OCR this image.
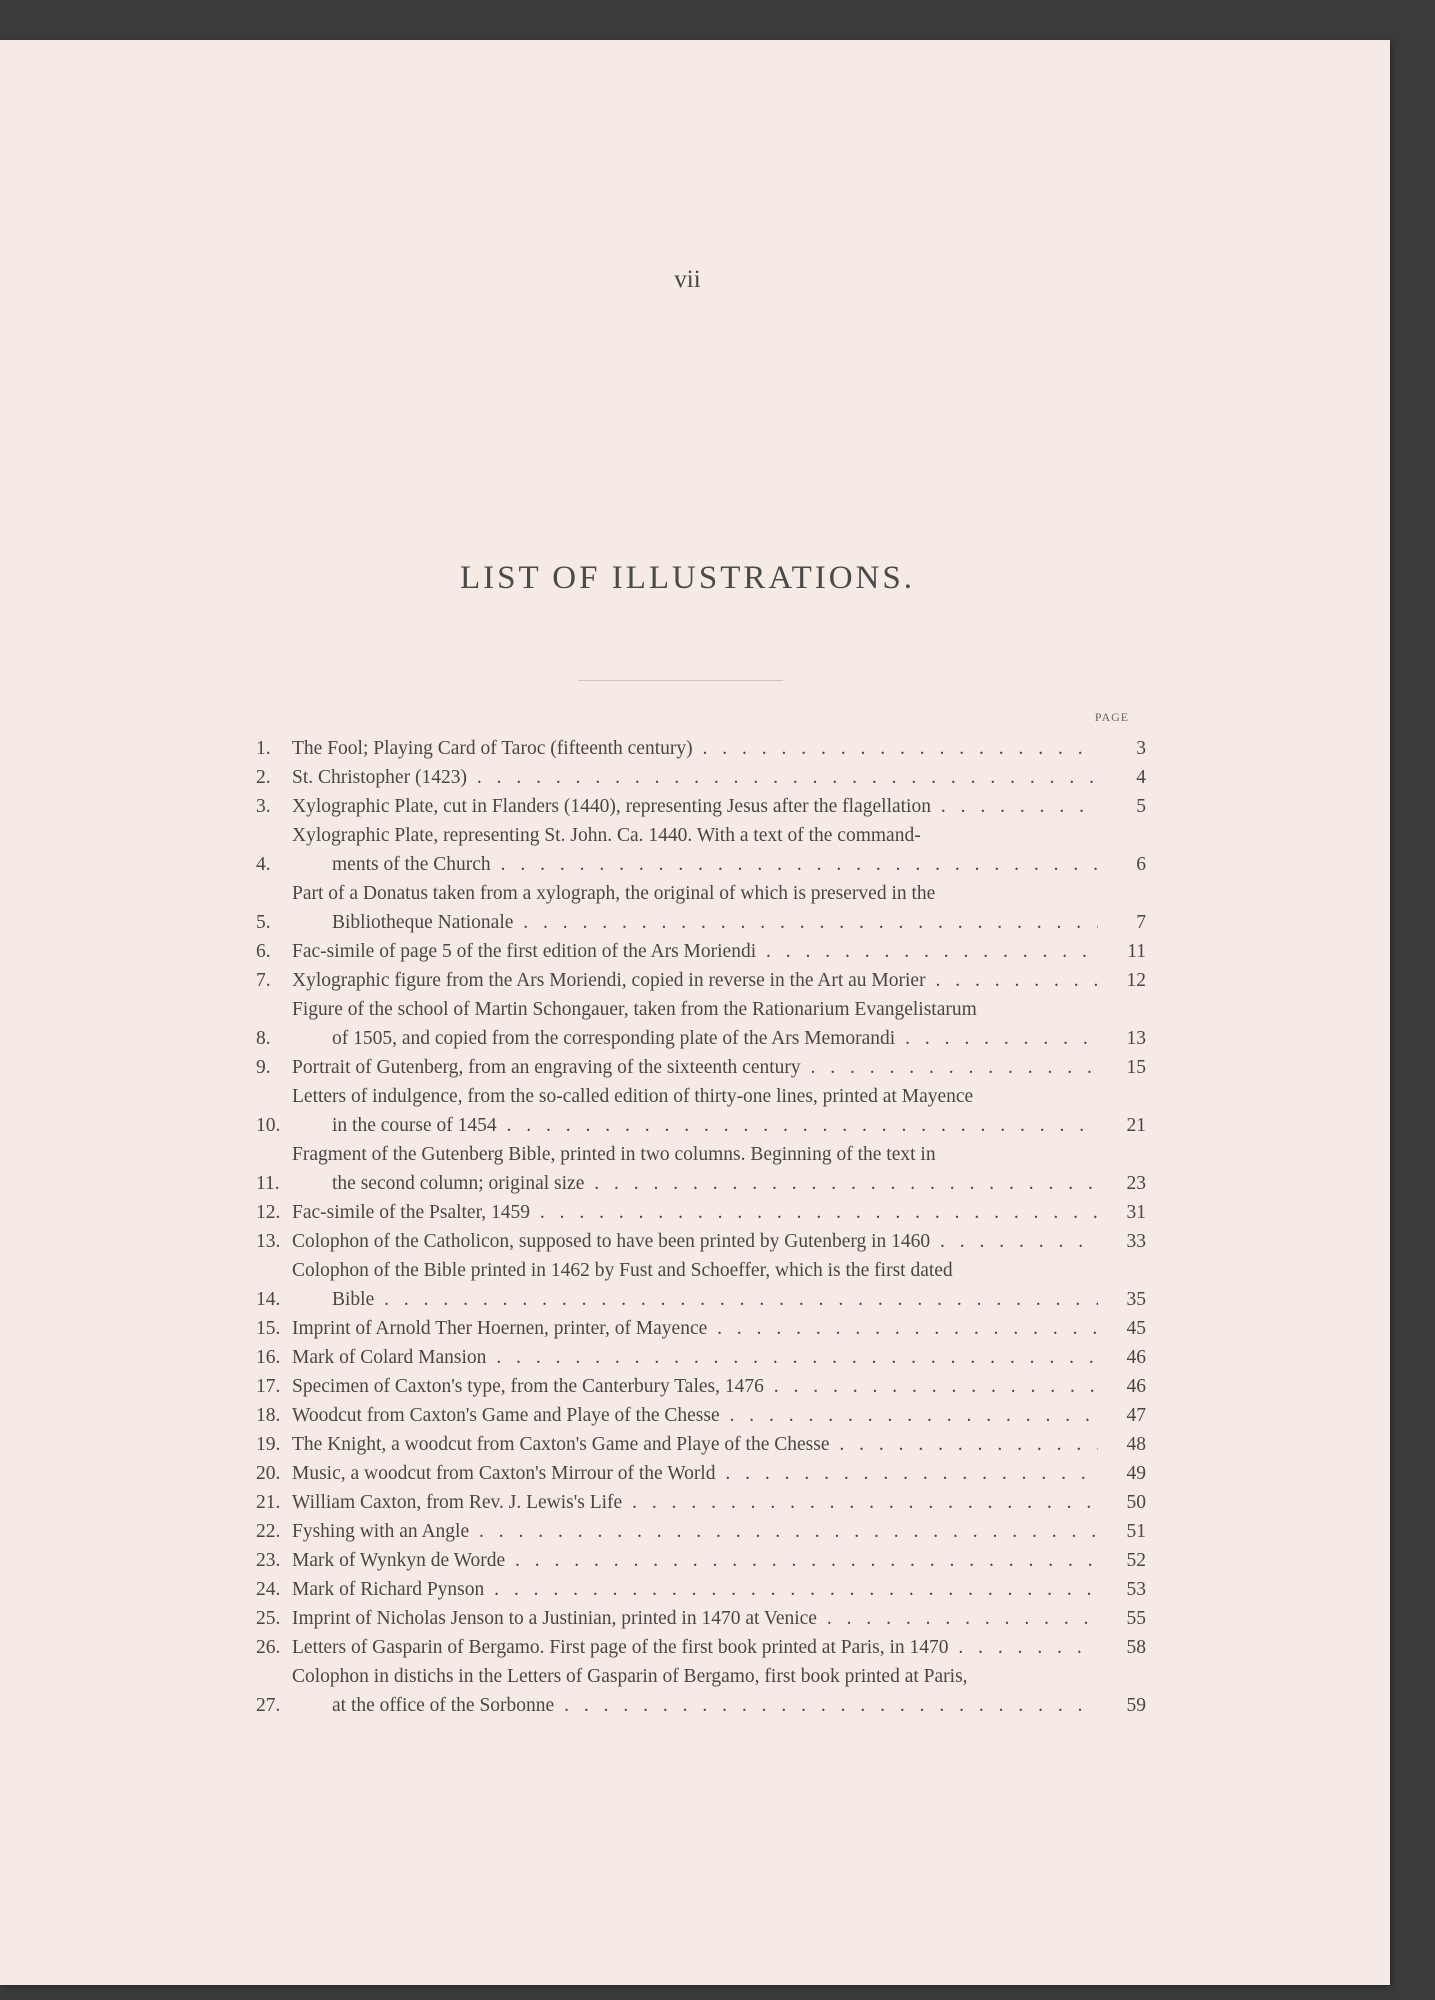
vii
LIST OF ILLUSTRATIONS.
PAGE
1.	The Fool; Playing Card of Taroc (fifteenth century) . . .	3
2.	St. Christopher (1423) . . .	4
3.	Xylographic Plate, cut in Flanders (1440), representing Jesus after the flagellation . . .	5
4.
Xylographic Plate, representing St. John. Ca. 1440. With a text of the command-
ments of the Church . . .	6
5.
Part of a Donatus taken from a xylograph, the original of which is preserved in the
Bibliotheque Nationale . . .	7
6.	Fac-simile of page 5 of the first edition of the Ars Moriendi . . .	11
7.	Xylographic figure from the Ars Moriendi, copied in reverse in the Art au Morier . . .	12
8.
Figure of the school of Martin Schongauer, taken from the Rationarium Evangelistarum
of 1505, and copied from the corresponding plate of the Ars Memorandi . . .	13
9.	Portrait of Gutenberg, from an engraving of the sixteenth century . . .	15
10.
Letters of indulgence, from the so-called edition of thirty-one lines, printed at Mayence
in the course of 1454 . . .	21
11.
Fragment of the Gutenberg Bible, printed in two columns. Beginning of the text in
the second column; original size . . .	23
12. Fac-simile of the Psalter, 1459 . . .	31
13. Colophon of the Catholicon, supposed to have been printed by Gutenberg in 1460 . . .	33
14.
Colophon of the Bible printed in 1462 by Fust and Schoeffer, which is the first dated
Bible . . .	35
15. Imprint of Arnold Ther Hoernen, printer, of Mayence . . .	45
16. Mark of Colard Mansion . . .	46
17. Specimen of Caxton's type, from the Canterbury Tales, 1476 . . .	46
18. Woodcut from Caxton's Game and Playe of the Chesse . . .	47
19. The Knight, a woodcut from Caxton's Game and Playe of the Chesse . . .	48
20. Music, a woodcut from Caxton's Mirrour of the World . . .	49
21. William Caxton, from Rev. J. Lewis's Life . . .	50
22. Fyshing with an Angle . . .	51
23. Mark of Wynkyn de Worde . . .	52
24. Mark of Richard Pynson . . .	53
25. Imprint of Nicholas Jenson to a Justinian, printed in 1470 at Venice . . .	55
26. Letters of Gasparin of Bergamo. First page of the first book printed at Paris, in 1470 . . .	58
27.
Colophon in distichs in the Letters of Gasparin of Bergamo, first book printed at Paris,
at the office of the Sorbonne . . .	59
